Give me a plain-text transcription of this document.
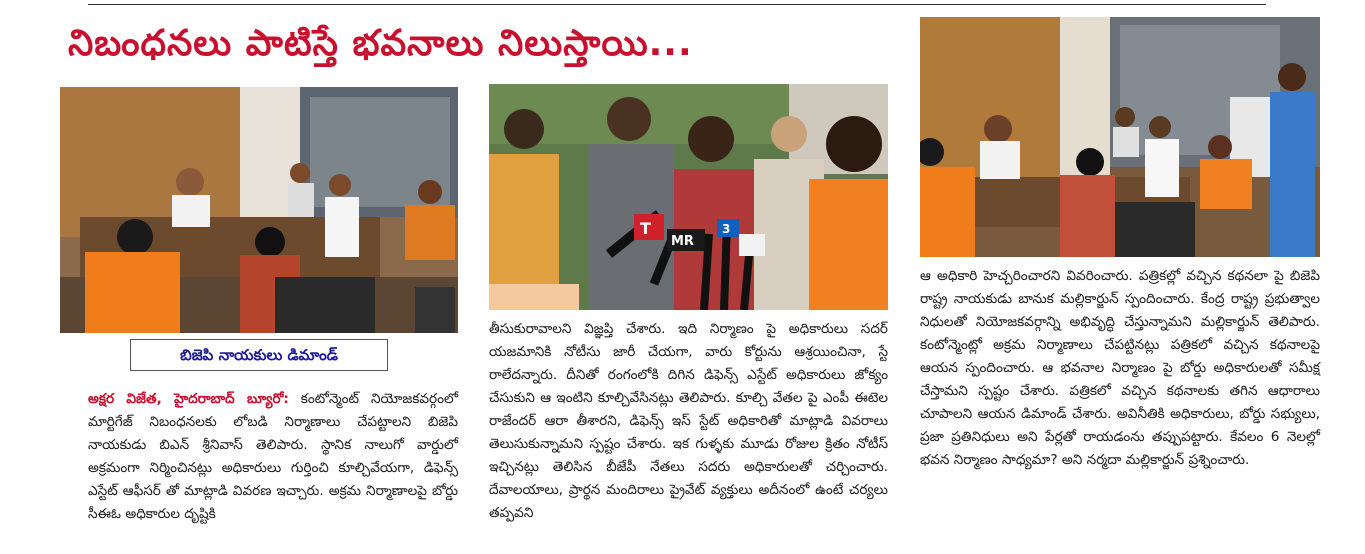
నిబంధనలు పాటిస్తే భవనాలు నిలుస్తాయి...
బిజెపి నాయకులు డిమాండ్
T
MR
3

అక్షర విజేత, హైదరాబాద్ బ్యూరో: కంటోన్మెంట్ నియోజకవర్గంలో మార్టిగేజ్ నిబంధనలకు లోబడి నిర్మాణాలు చేపట్టాలని బిజెపి నాయకుడు బిఎన్ శ్రీనివాస్ తెలిపారు. స్థానిక నాలుగో వార్డులో అక్రమంగా నిర్మించినట్లు అధికారులు గుర్తించి కూల్చివేయగా, డిఫెన్స్ ఎస్టేట్ ఆఫీసర్ తో మాట్లాడి వివరణ ఇచ్చారు. అక్రమ నిర్మాణాలపై బోర్డు సీఈఓ అధికారుల దృష్టికి

తీసుకురావాలని విజ్ఞప్తి చేశారు. ఇది నిర్మాణం పై అధికారులు సదర్ యజమానికి నోటీసు జారీ చేయగా, వారు కోర్టును ఆశ్రయించినా, స్టే రాలేదన్నారు. దీనితో రంగంలోకి దిగిన డిఫెన్స్ ఎస్టేట్ అధికారులు జోక్యం చేసుకుని ఆ ఇంటిని కూల్చివేసినట్లు తెలిపారు. కూల్చి వేతల పై ఎంపీ ఈటెల రాజేందర్ ఆరా తీశారని, డిఫెన్స్ ఇస్ స్టేట్ అధికారితో మాట్లాడి వివరాలు తెలుసుకున్నామని స్పష్టం చేశారు. ఇక గుళ్ళకు మూడు రోజుల క్రితం నోటీస్ ఇచ్చినట్లు తెలిసిన బీజేపీ నేతలు సదరు అధికారులతో చర్చించారు. దేవాలయాలు, ప్రార్థన మందిరాలు ప్రైవేట్ వ్యక్తులు అదీనంలో ఉంటే చర్యలు తప్పవని

ఆ అధికారి హెచ్చరించారని వివరించారు. పత్రికల్లో వచ్చిన కథనలా పై బిజెపి రాష్ట్ర నాయకుడు బానుక మల్లికార్జున్ స్పందించారు. కేంద్ర రాష్ట్ర ప్రభుత్వాల నిధులతో నియోజకవర్గాన్ని అభివృద్ధి చేస్తున్నామని మల్లికార్జున్ తెలిపారు. కంటోన్మెంట్లో అక్రమ నిర్మాణాలు చేపట్టినట్లు పత్రికలో వచ్చిన కథనాలపై ఆయన స్పందించారు. ఆ భవనాల నిర్మాణం పై బోర్డు అధికారులతో సమీక్ష చేస్తామని స్పష్టం చేశారు. పత్రికలో వచ్చిన కథనాలకు తగిన ఆధారాలు చూపాలని ఆయన డిమాండ్ చేశారు. అవినీతికి అధికారులు, బోర్డు సభ్యులు, ప్రజా ప్రతినిధులు అని పేర్లతో రాయడంను తప్పుపట్టారు. కేవలం 6 నెలల్లో భవన నిర్మాణం సాధ్యమా? అని నర్మదా మల్లికార్జున్ ప్రశ్నించారు.
